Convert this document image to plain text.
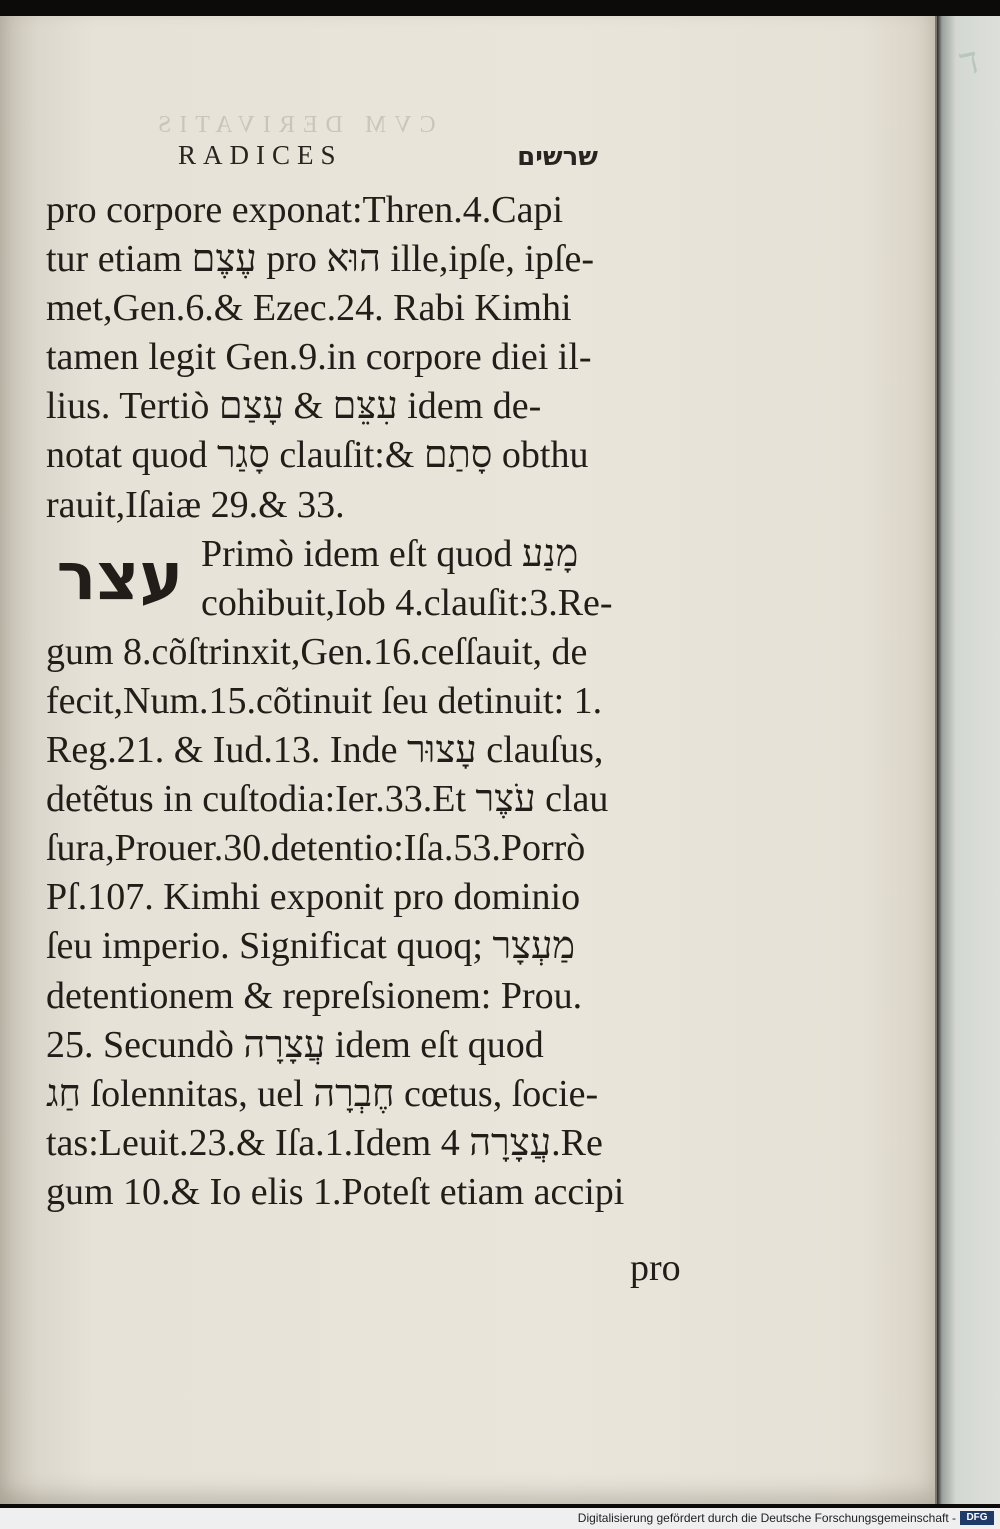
ד
CVM DERIVATIS
RADICES	שרשים
pro corpore exponat:Thren.4.Capi
tur etiam עֶצֶם pro הוּא ille,ipſe, ipſe-
met,Gen.6.& Ezec.24. Rabi Kimhi
tamen legit Gen.9.in corpore diei il-
lius. Tertiò עִצֵּם & עָצַם idem de-
notat quod סָגַר clauſit:& סָתַם obthu
rauit,Iſaiæ 29.& 33.
Primò idem eſt quod מָנַע
cohibuit,Iob 4.clauſit:3.Re-
gum 8.cõſtrinxit,Gen.16.ceſſauit, de
fecit,Num.15.cõtinuit ſeu detinuit: 1.
Reg.21. & Iud.13. Inde עָצוּר clauſus,
detẽtus in cuſtodia:Ier.33.Et עֹצֶר clau
ſura,Prouer.30.detentio:Iſa.53.Porrò
Pſ.107. Kimhi exponit pro dominio
ſeu imperio. Significat quoq; מַעְצָר
detentionem & repreſsionem: Prou.
25. Secundò עֲצָרָה idem eſt quod
חַג ſolennitas, uel חֶבְרָה cœtus, ſocie-
tas:Leuit.23.& Iſa.1.Idem עֲצָרָה 4.Re
gum 10.& Io elis 1.Poteſt etiam accipi
עצר
pro
Digitalisierung gefördert durch die Deutsche Forschungsgemeinschaft -	DFG
